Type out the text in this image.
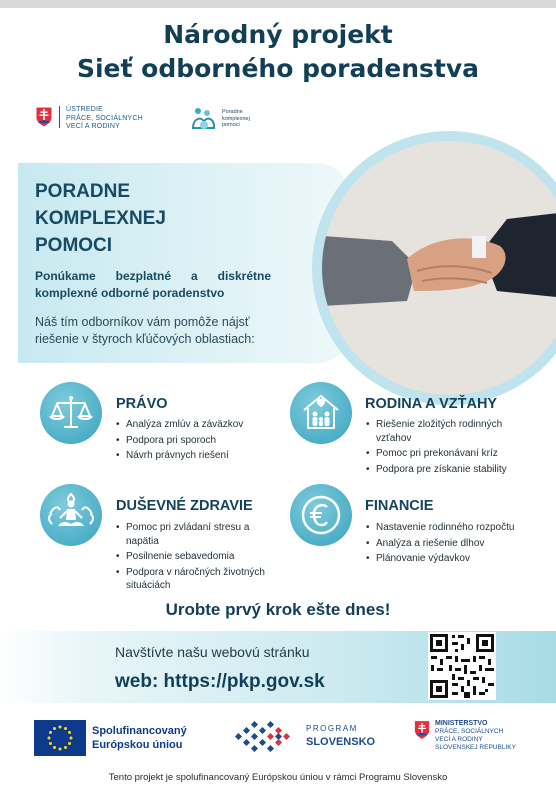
Národný projekt
Sieť odborného poradenstva
ÚSTREDIE
PRÁCE, SOCIÁLNYCH
VECÍ A RODINY
Poradne
komplexnej
pomoci
PORADNE
KOMPLEXNEJ
POMOCI

Ponúkame bezplatné a diskrétne komplexné odborné poradenstvo

Náš tím odborníkov vám pomôže nájsť riešenie v štyroch kľúčových oblastiach:

PRÁVO
• Analýza zmlúv a záväzkov
• Podpora pri sporoch
• Návrh právnych riešení
RODINA A VZŤAHY
• Riešenie zložitých rodinných vzťahov
• Pomoc pri prekonávaní kríz
• Podpora pre získanie stability
DUŠEVNÉ ZDRAVIE
• Pomoc pri zvládaní stresu a napätia
• Posilnenie sebavedomia
• Podpora v náročných životných situáciách
FINANCIE
• Nastavenie rodinného rozpočtu
• Analýza a riešenie dlhov
• Plánovanie výdavkov
Urobte prvý krok ešte dnes!
Navštívte našu webovú stránku
web: https://pkp.gov.sk
Spolufinancovaný
Európskou úniou
PROGRAM
SLOVENSKO
MINISTERSTVO
PRÁCE, SOCIÁLNYCH
VECÍ A RODINY
SLOVENSKEJ REPUBLIKY
Tento projekt je spolufinancovaný Európskou úniou v rámci Programu Slovensko
